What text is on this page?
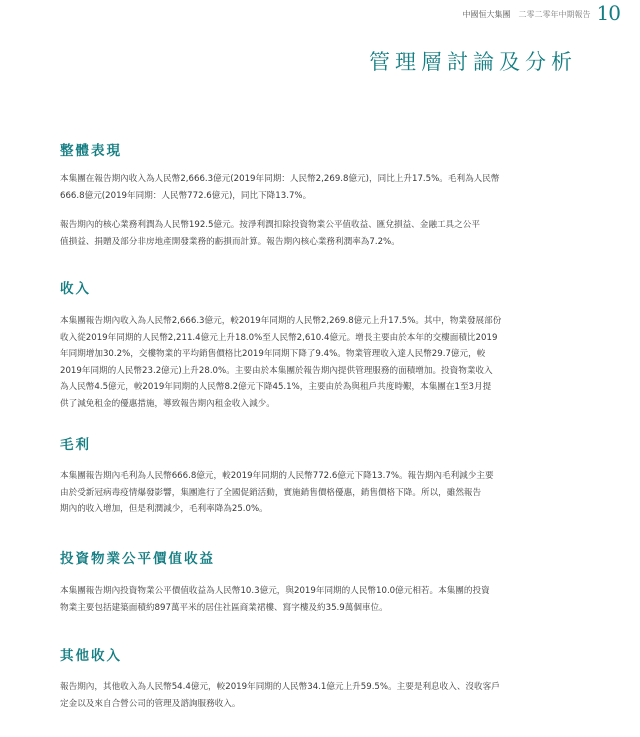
中國恒大集團 二零二零年中期報告 10
管理層討論及分析
整體表現

本集團在報告期內收入為人民幣2,666.3億元(2019年同期：人民幣2,269.8億元)，同比上升17.5%。毛利為人民幣
666.8億元(2019年同期：人民幣772.6億元)，同比下降13.7%。

報告期內的核心業務利潤為人民幣192.5億元。按淨利潤扣除投資物業公平值收益、匯兌損益、金融工具之公平
值損益、捐贈及部分非房地產開發業務的虧損而計算。報告期內核心業務利潤率為7.2%。

收入

本集團報告期內收入為人民幣2,666.3億元，較2019年同期的人民幣2,269.8億元上升17.5%。其中，物業發展部份
收入從2019年同期的人民幣2,211.4億元上升18.0%至人民幣2,610.4億元。增長主要由於本年的交樓面積比2019
年同期增加30.2%，交樓物業的平均銷售價格比2019年同期下降了9.4%。物業管理收入達人民幣29.7億元，較
2019年同期的人民幣23.2億元)上升28.0%。主要由於本集團於報告期內提供管理服務的面積增加。投資物業收入
為人民幣4.5億元，較2019年同期的人民幣8.2億元下降45.1%，主要由於為與租戶共度時艱，本集團在1至3月提
供了減免租金的優惠措施，導致報告期內租金收入減少。

毛利

本集團報告期內毛利為人民幣666.8億元，較2019年同期的人民幣772.6億元下降13.7%。報告期內毛利減少主要
由於受新冠病毒疫情爆發影響，集團進行了全國促銷活動，實施銷售價格優惠，銷售價格下降。所以，雖然報告
期內的收入增加，但是利潤減少，毛利率降為25.0%。

投資物業公平價值收益

本集團報告期內投資物業公平價值收益為人民幣10.3億元，與2019年同期的人民幣10.0億元相若。本集團的投資
物業主要包括建築面積約897萬平米的居住社區商業裙樓、寫字樓及約35.9萬個車位。

其他收入

報告期內，其他收入為人民幣54.4億元，較2019年同期的人民幣34.1億元上升59.5%。主要是利息收入、沒收客戶
定金以及來自合營公司的管理及諮詢服務收入。
